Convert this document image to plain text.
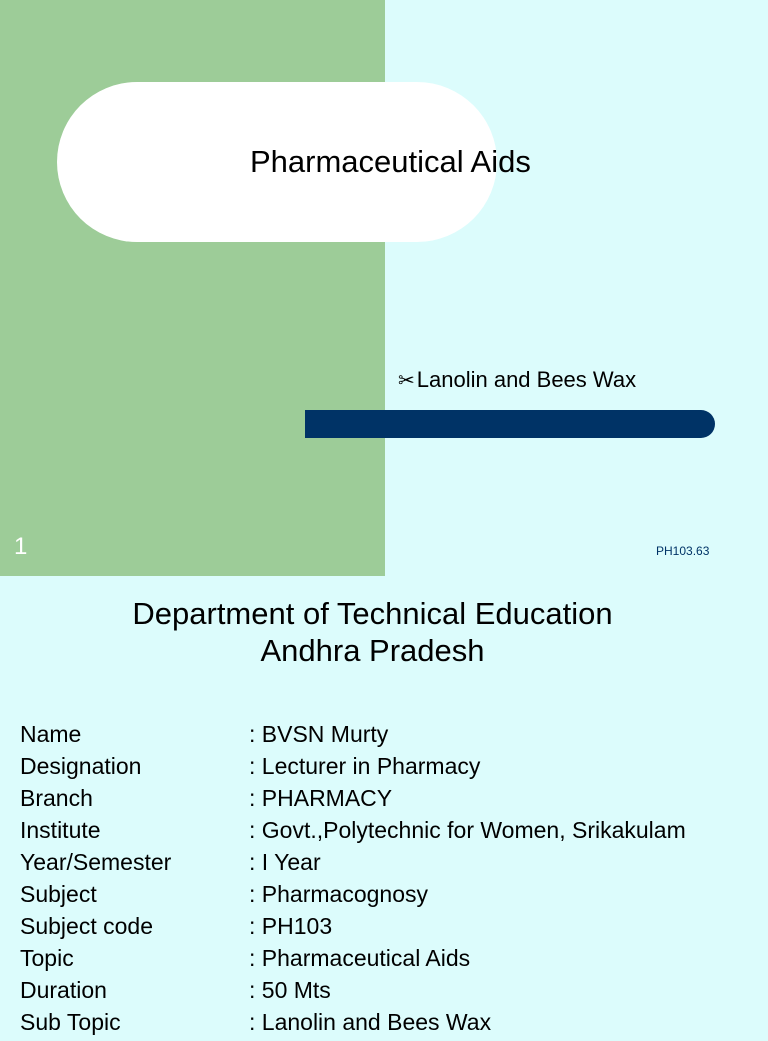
Pharmaceutical Aids
✂ Lanolin and Bees Wax
1	PH103.63
Department of Technical Education
Andhra Pradesh
Name	: BVSN Murty
Designation	: Lecturer in Pharmacy
Branch	: PHARMACY
Institute	: Govt.,Polytechnic for Women, Srikakulam
Year/Semester	: I Year
Subject	: Pharmacognosy
Subject code	: PH103
Topic	: Pharmaceutical Aids
Duration	: 50 Mts
Sub Topic	: Lanolin and Bees Wax
